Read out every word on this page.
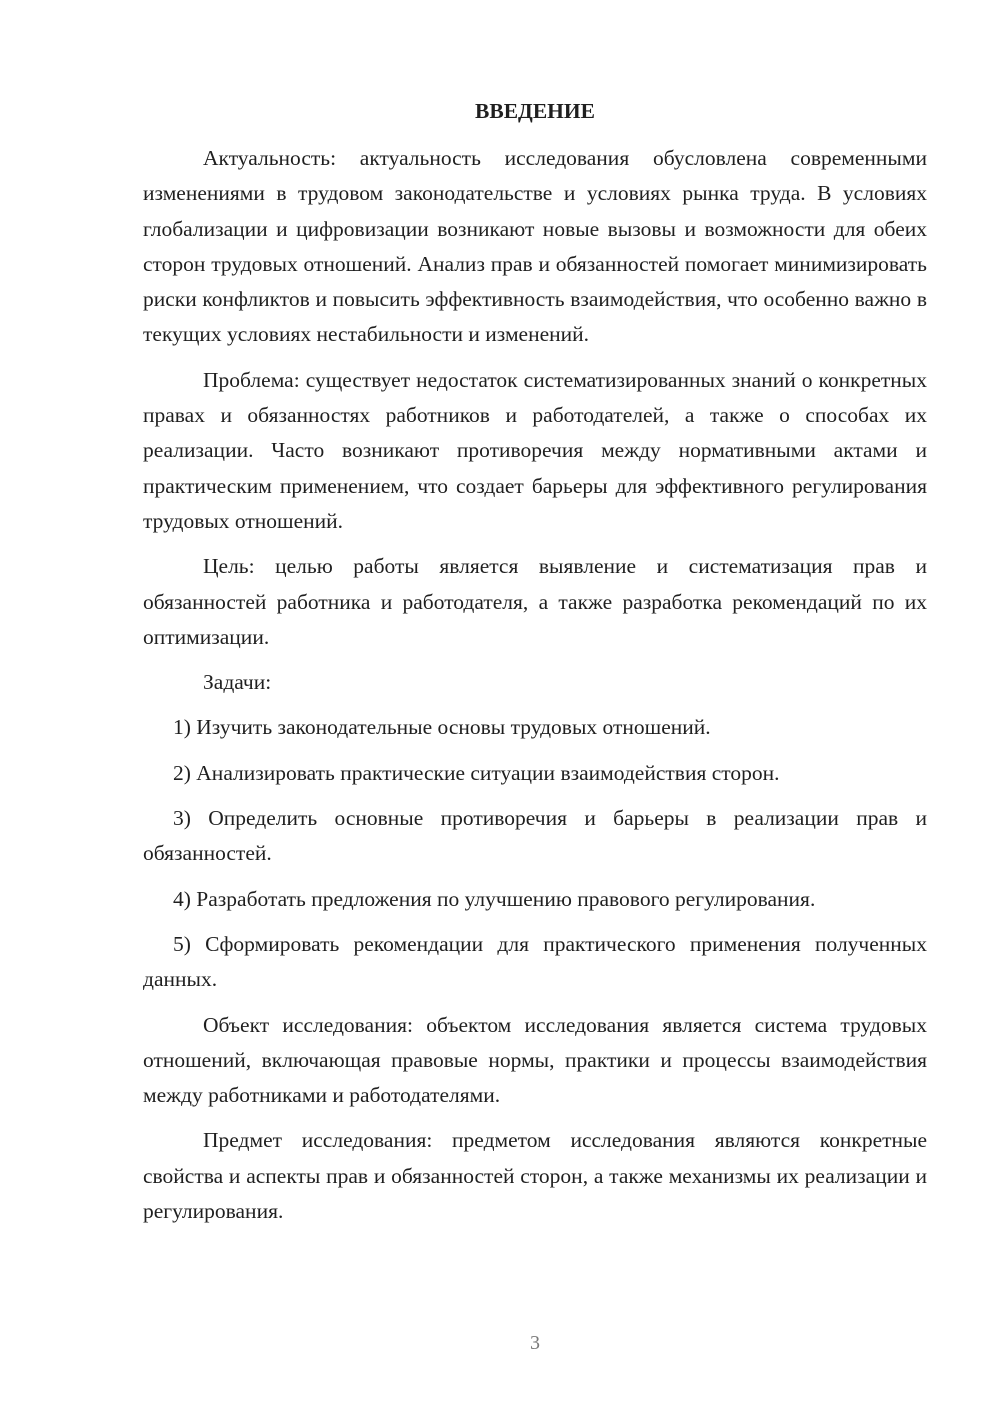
ВВЕДЕНИЕ

Актуальность: актуальность исследования обусловлена современными изменениями в трудовом законодательстве и условиях рынка труда. В условиях глобализации и цифровизации возникают новые вызовы и возможности для обеих сторон трудовых отношений. Анализ прав и обязанностей помогает минимизировать риски конфликтов и повысить эффективность взаимодействия, что особенно важно в текущих условиях нестабильности и изменений.

Проблема: существует недостаток систематизированных знаний о конкретных правах и обязанностях работников и работодателей, а также о способах их реализации. Часто возникают противоречия между нормативными актами и практическим применением, что создает барьеры для эффективного регулирования трудовых отношений.

Цель: целью работы является выявление и систематизация прав и обязанностей работника и работодателя, а также разработка рекомендаций по их оптимизации.

Задачи:

1) Изучить законодательные основы трудовых отношений.

2) Анализировать практические ситуации взаимодействия сторон.

3) Определить основные противоречия и барьеры в реализации прав и обязанностей.

4) Разработать предложения по улучшению правового регулирования.

5) Сформировать рекомендации для практического применения полученных данных.

Объект исследования: объектом исследования является система трудовых отношений, включающая правовые нормы, практики и процессы взаимодействия между работниками и работодателями.

Предмет исследования: предметом исследования являются конкретные свойства и аспекты прав и обязанностей сторон, а также механизмы их реализации и регулирования.

3
